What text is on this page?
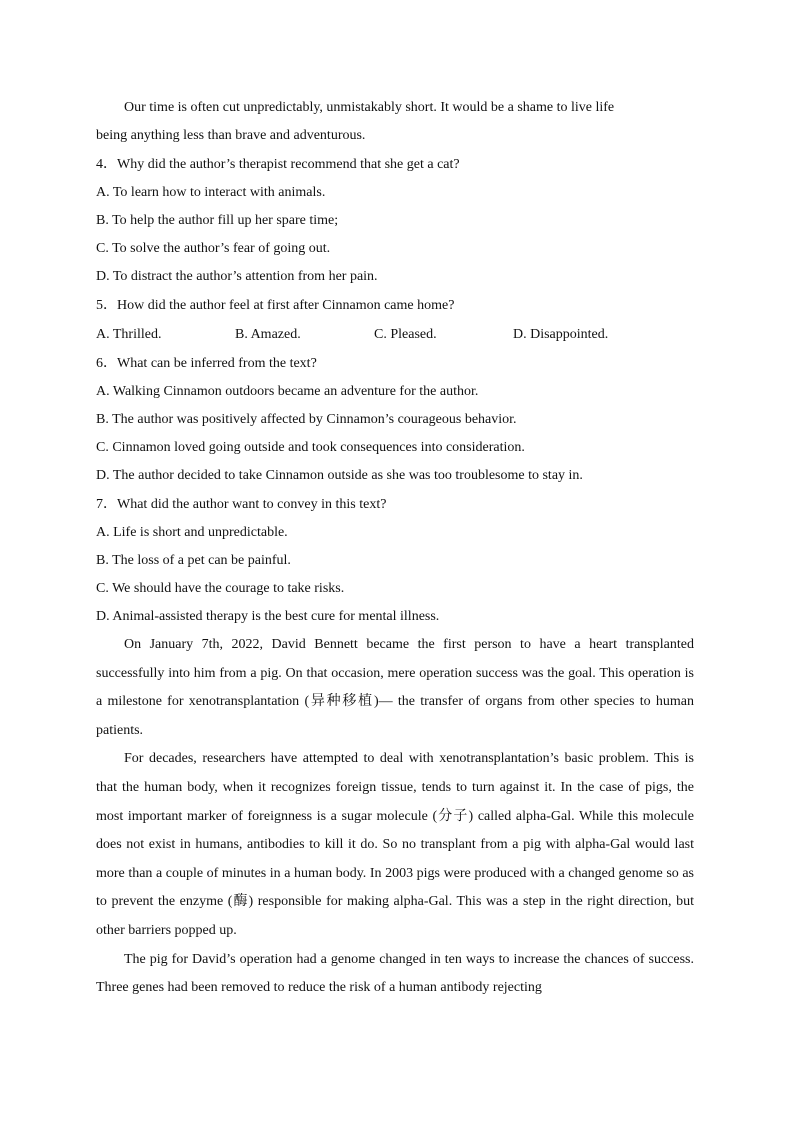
Our time is often cut unpredictably, unmistakably short. It would be a shame to live life
being anything less than brave and adventurous.
4．Why did the author’s therapist recommend that she get a cat?
A. To learn how to interact with animals.
B. To help the author fill up her spare time;
C. To solve the author’s fear of going out.
D. To distract the author’s attention from her pain.
5．How did the author feel at first after Cinnamon came home?
A. Thrilled.	B. Amazed.	C. Pleased.	D. Disappointed.
6．What can be inferred from the text?
A. Walking Cinnamon outdoors became an adventure for the author.
B. The author was positively affected by Cinnamon’s courageous behavior.
C. Cinnamon loved going outside and took consequences into consideration.
D. The author decided to take Cinnamon outside as she was too troublesome to stay in.
7．What did the author want to convey in this text?
A. Life is short and unpredictable.
B. The loss of a pet can be painful.
C. We should have the courage to take risks.
D. Animal-assisted therapy is the best cure for mental illness.

On January 7th, 2022, David Bennett became the first person to have a heart transplanted successfully into him from a pig. On that occasion, mere operation success was the goal. This operation is a milestone for xenotransplantation (异种移植)— the transfer of organs from other species to human patients.

For decades, researchers have attempted to deal with xenotransplantation’s basic problem. This is that the human body, when it recognizes foreign tissue, tends to turn against it. In the case of pigs, the most important marker of foreignness is a sugar molecule (分子) called alpha-Gal. While this molecule does not exist in humans, antibodies to kill it do. So no transplant from a pig with alpha-Gal would last more than a couple of minutes in a human body. In 2003 pigs were produced with a changed genome so as to prevent the enzyme (酶) responsible for making alpha-Gal. This was a step in the right direction, but other barriers popped up.

The pig for David’s operation had a genome changed in ten ways to increase the chances of success. Three genes had been removed to reduce the risk of a human antibody rejecting
